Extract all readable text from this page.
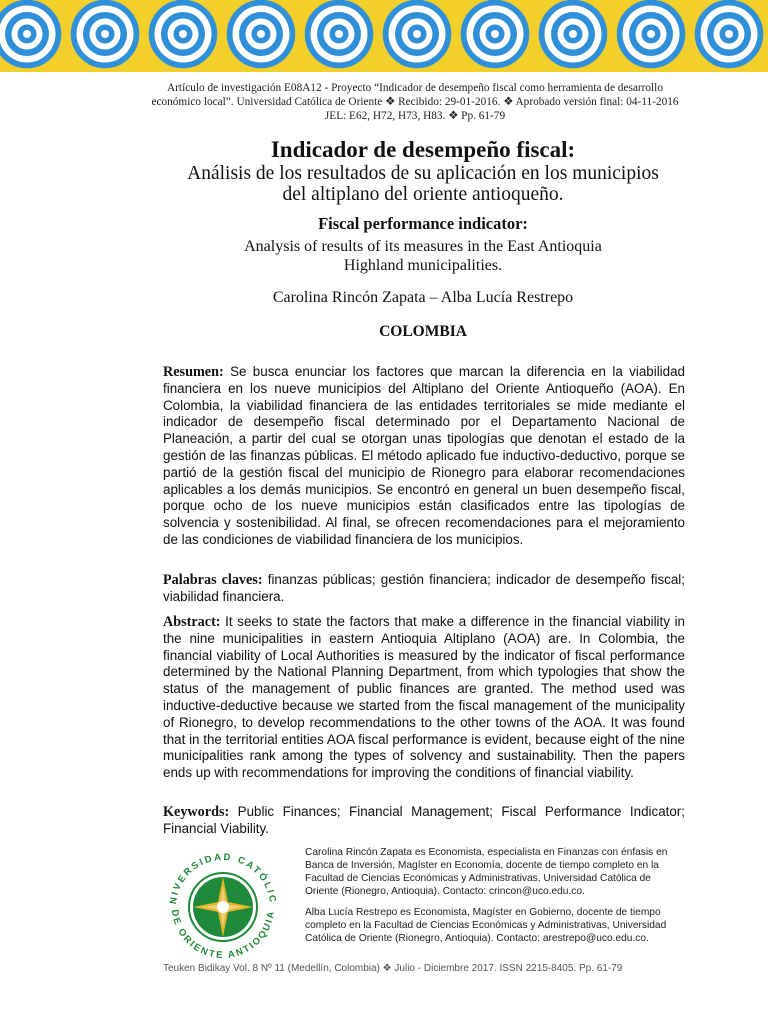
Artículo de investigación E08A12 - Proyecto “Indicador de desempeño fiscal como herramienta de desarrollo
económico local”. Universidad Católica de Oriente ❖ Recibido: 29-01-2016. ❖ Aprobado versión final: 04-11-2016
JEL: E62, H72, H73, H83. ❖ Pp. 61-79
Indicador de desempeño fiscal:
Análisis de los resultados de su aplicación en los municipios
del altiplano del oriente antioqueño.
Fiscal performance indicator:
Analysis of results of its measures in the East Antioquia
Highland municipalities.
Carolina Rincón Zapata – Alba Lucía Restrepo
COLOMBIA
Resumen: Se busca enunciar los factores que marcan la diferencia en la viabilidad financiera en los nueve municipios del Altiplano del Oriente Antioqueño (AOA). En Colombia, la viabilidad financiera de las entidades territoriales se mide mediante el indicador de desempeño fiscal determinado por el Departamento Nacional de Planeación, a partir del cual se otorgan unas tipologías que denotan el estado de la gestión de las finanzas públicas. El método aplicado fue inductivo-deductivo, porque se partió de la gestión fiscal del municipio de Rionegro para elaborar recomendaciones aplicables a los demás municipios. Se encontró en general un buen desempeño fiscal, porque ocho de los nueve municipios están clasificados entre las tipologías de solvencia y sostenibilidad. Al final, se ofrecen recomendaciones para el mejoramiento de las condiciones de viabilidad financiera de los municipios.
Palabras claves: finanzas públicas; gestión financiera; indicador de desempeño fiscal; viabilidad financiera.
Abstract: It seeks to state the factors that make a difference in the financial viability in the nine municipalities in eastern Antioquia Altiplano (AOA) are. In Colombia, the financial viability of Local Authorities is measured by the indicator of fiscal performance determined by the National Planning Department, from which typologies that show the status of the management of public finances are granted. The method used was inductive-deductive because we started from the fiscal management of the municipality of Rionegro, to develop recommendations to the other towns of the AOA. It was found that in the territorial entities AOA fiscal performance is evident, because eight of the nine municipalities rank among the types of solvency and sustainability. Then the papers ends up with recommendations for improving the conditions of financial viability.
Keywords: Public Finances; Financial Management; Fiscal Performance Indicator; Financial Viability.
NIVERSIDAD CATÓLIC
DE ORIENTE ANTIOQUIA

Carolina Rincón Zapata es Economista, especialista en Finanzas con énfasis en Banca de Inversión, Magíster en Economía, docente de tiempo completo en la Facultad de Ciencias Económicas y Administrativas, Universidad Católica de Oriente (Rionegro, Antioquia). Contacto: crincon@uco.edu.co.

Alba Lucía Restrepo es Economista, Magíster en Gobierno, docente de tiempo completo en la Facultad de Ciencias Económicas y Administrativas, Universidad Católica de Oriente (Rionegro, Antioquia). Contacto: arestrepo@uco.edu.co.

Teuken Bidikay Vol. 8 Nº 11 (Medellín, Colombia) ❖ Julio - Diciembre 2017. ISSN 2215-8405. Pp. 61-79
